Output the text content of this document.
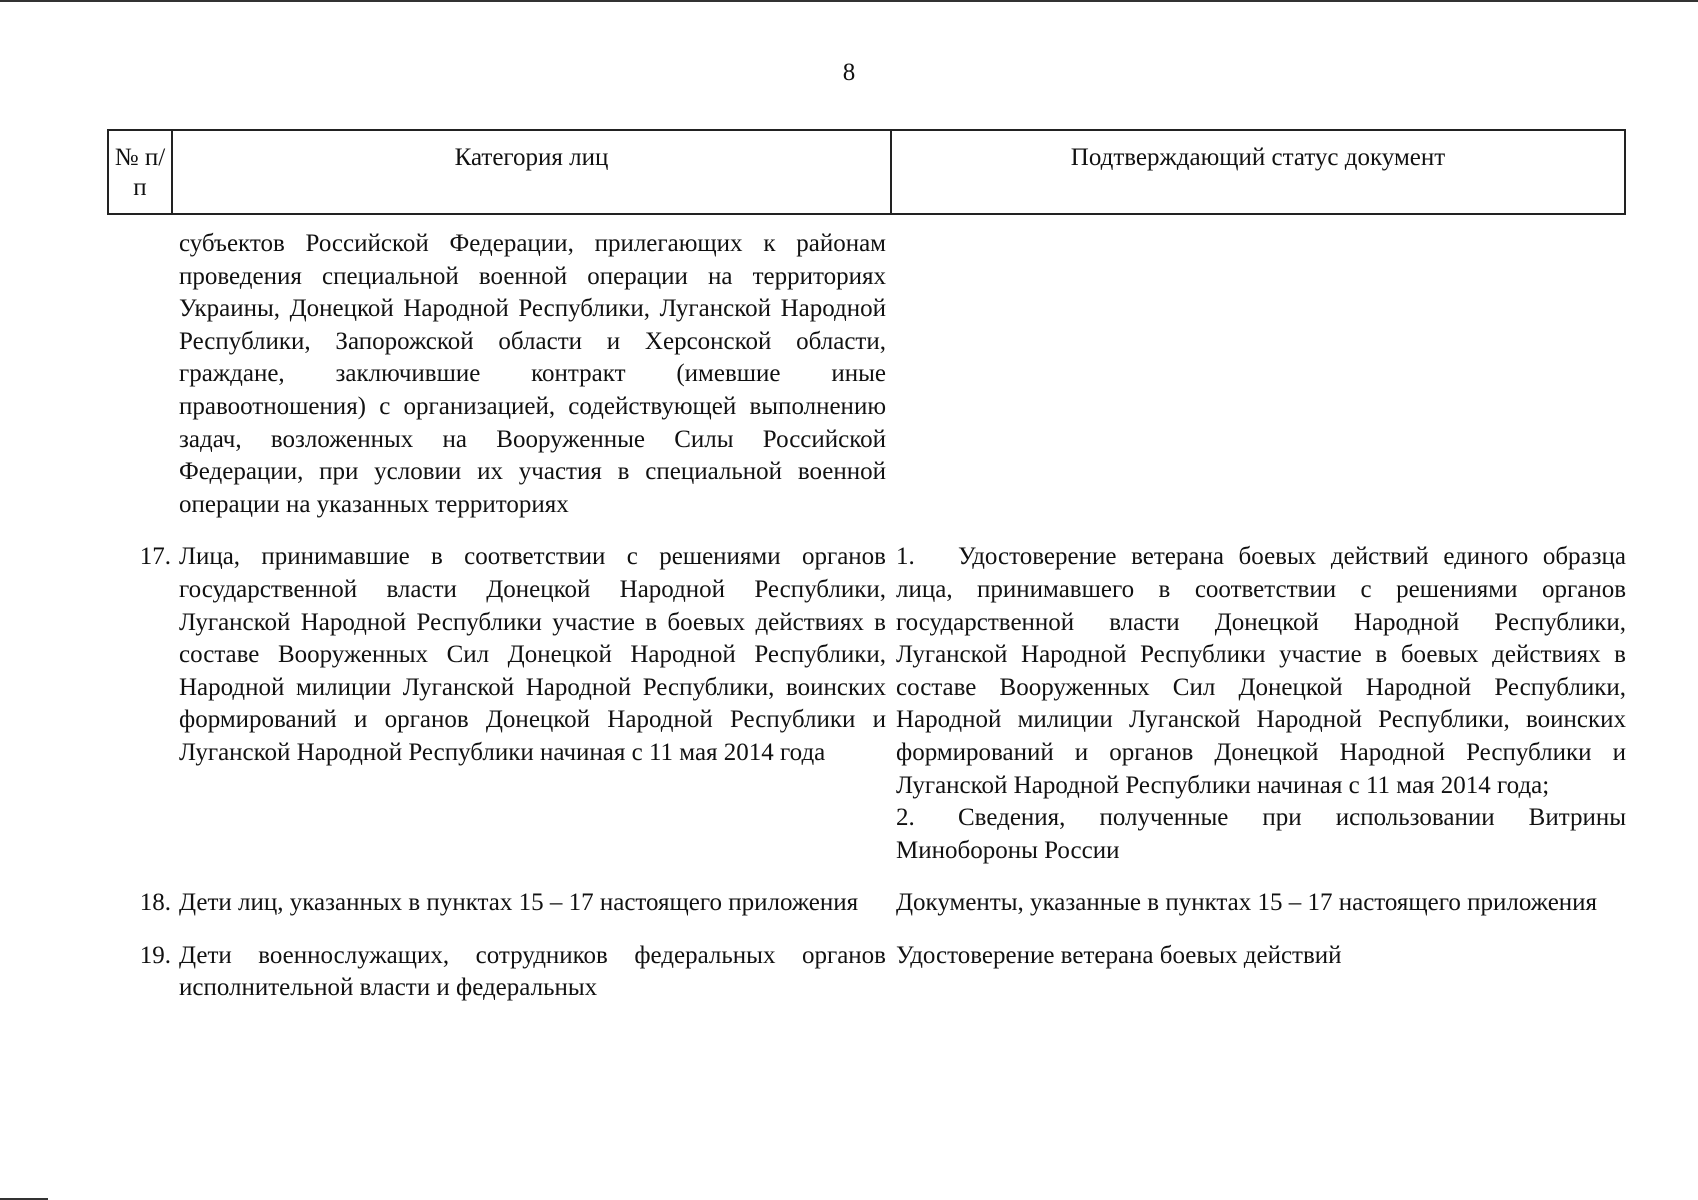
8
№ п/п
Категория лиц	Подтверждающий статус документ
субъектов Российской Федерации, прилегающих к районам проведения специальной военной операции на территориях Украины, Донецкой Народной Республики, Луганской Народной Республики, Запорожской области и Херсонской области, граждане, заключившие контракт (имевшие иные правоотношения) с организацией, содействующей выполнению задач, возложенных на Вооруженные Силы Российской Федерации, при условии их участия в специальной военной операции на указанных территориях
17. Лица, принимавшие в соответствии с решениями органов государственной власти Донецкой Народной Республики, Луганской Народной Республики участие в боевых действиях в составе Вооруженных Сил Донецкой Народной Республики, Народной милиции Луганской Народной Республики, воинских формирований и органов Донецкой Народной Республики и Луганской Народной Республики начиная с 11 мая 2014 года
1. Удостоверение ветерана боевых действий единого образца лица, принимавшего в соответствии с решениями органов государственной власти Донецкой Народной Республики, Луганской Народной Республики участие в боевых действиях в составе Вооруженных Сил Донецкой Народной Республики, Народной милиции Луганской Народной Республики, воинских формирований и органов Донецкой Народной Республики и Луганской Народной Республики начиная с 11 мая 2014 года;
2. Сведения, полученные при использовании Витрины Минобороны России
18. Дети лиц, указанных в пунктах 15 – 17 настоящего приложения	Документы, указанные в пунктах 15 – 17 настоящего приложения
19. Дети военнослужащих, сотрудников федеральных органов исполнительной власти и федеральных
Удостоверение ветерана боевых действий
